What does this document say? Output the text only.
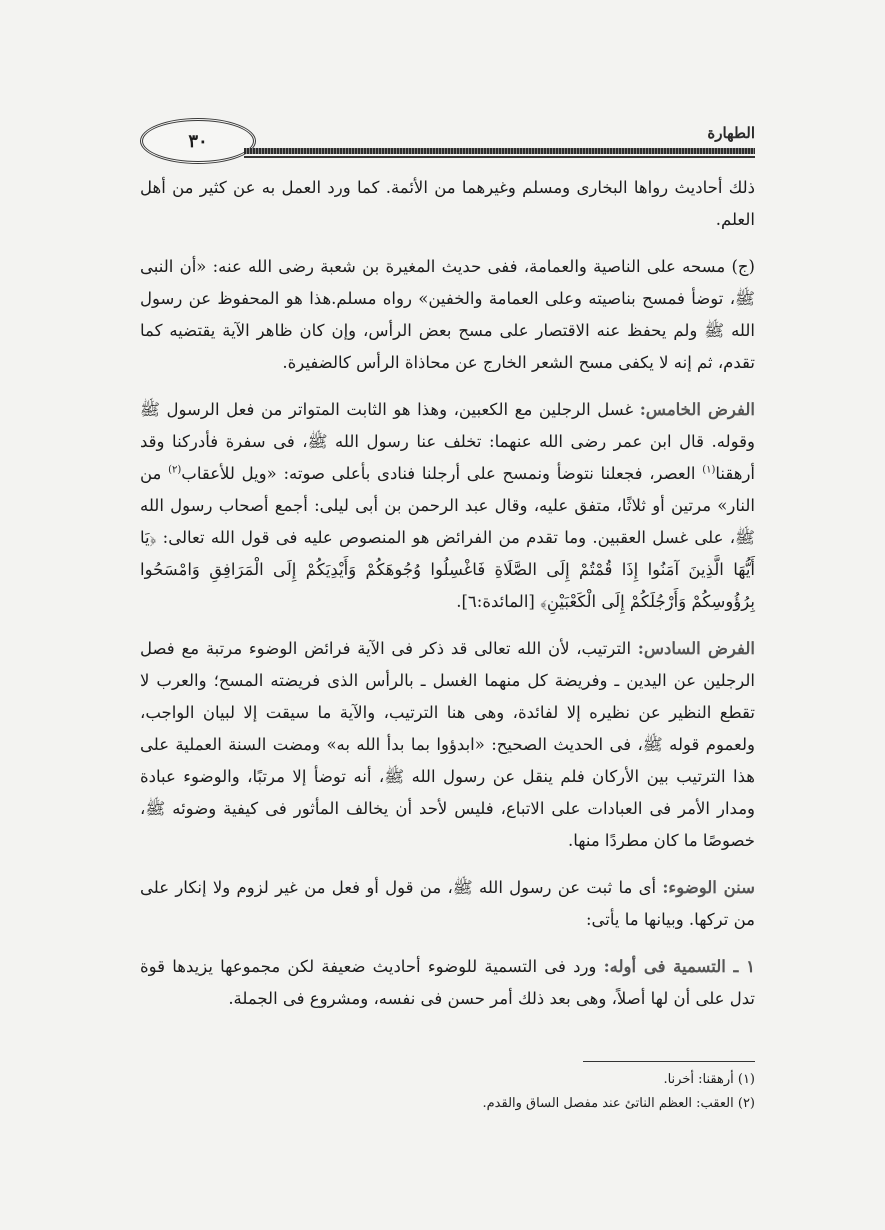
٣٠	الطهارة

ذلك أحاديث رواها البخارى ومسلم وغيرهما من الأئمة. كما ورد العمل به عن كثير من أهل العلم.

(ج) مسحه على الناصية والعمامة، ففى حديث المغيرة بن شعبة رضى الله عنه: «أن النبى ﷺ، توضأ فمسح بناصيته وعلى العمامة والخفين» رواه مسلم.هذا هو المحفوظ عن رسول الله ﷺ ولم يحفظ عنه الاقتصار على مسح بعض الرأس، وإن كان ظاهر الآية يقتضيه كما تقدم، ثم إنه لا يكفى مسح الشعر الخارج عن محاذاة الرأس كالضفيرة.

الفرض الخامس: غسل الرجلين مع الكعبين، وهذا هو الثابت المتواتر من فعل الرسول ﷺ وقوله. قال ابن عمر رضى الله عنهما: تخلف عنا رسول الله ﷺ، فى سفرة فأدركنا وقد أرهقنا$^{(١)}$ العصر، فجعلنا نتوضأ ونمسح على أرجلنا فنادى بأعلى صوته: «ويل للأعقاب$^{(٢)}$ من النار» مرتين أو ثلاثًا، متفق عليه، وقال عبد الرحمن بن أبى ليلى: أجمع أصحاب رسول الله ﷺ، على غسل العقبين. وما تقدم من الفرائض هو المنصوص عليه فى قول الله تعالى: ﴿يَا أَيُّهَا الَّذِينَ آمَنُوا إِذَا قُمْتُمْ إِلَى الصَّلَاةِ فَاغْسِلُوا وُجُوهَكُمْ وَأَيْدِيَكُمْ إِلَى الْمَرَافِقِ وَامْسَحُوا بِرُؤُوسِكُمْ وَأَرْجُلَكُمْ إِلَى الْكَعْبَيْنِ﴾ [المائدة:٦].

الفرض السادس: الترتيب، لأن الله تعالى قد ذكر فى الآية فرائض الوضوء مرتبة مع فصل الرجلين عن اليدين ـ وفريضة كل منهما الغسل ـ بالرأس الذى فريضته المسح؛ والعرب لا تقطع النظير عن نظيره إلا لفائدة، وهى هنا الترتيب، والآية ما سيقت إلا لبيان الواجب، ولعموم قوله ﷺ، فى الحديث الصحيح: «ابدؤوا بما بدأ الله به» ومضت السنة العملية على هذا الترتيب بين الأركان فلم ينقل عن رسول الله ﷺ، أنه توضأ إلا مرتبًا، والوضوء عبادة ومدار الأمر فى العبادات على الاتباع، فليس لأحد أن يخالف المأثور فى كيفية وضوئه ﷺ، خصوصًا ما كان مطردًا منها.

سنن الوضوء: أى ما ثبت عن رسول الله ﷺ، من قول أو فعل من غير لزوم ولا إنكار على من تركها. وبيانها ما يأتى:

١ ـ التسمية فى أوله: ورد فى التسمية للوضوء أحاديث ضعيفة لكن مجموعها يزيدها قوة تدل على أن لها أصلاً، وهى بعد ذلك أمر حسن فى نفسه، ومشروع فى الجملة.

(١) أرهقنا: أخرنا.
(٢) العقب: العظم الناتئ عند مفصل الساق والقدم.
